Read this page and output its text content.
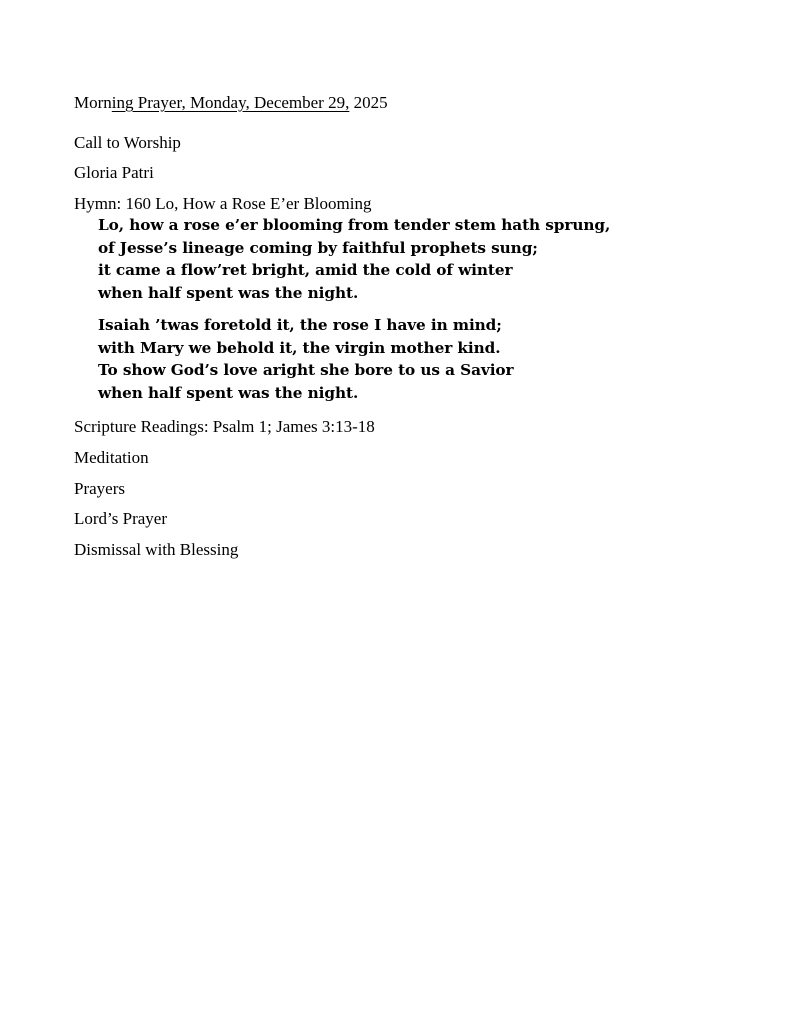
Morning Prayer, Monday, December 29, 2025
Call to Worship
Gloria Patri
Hymn: 160 Lo, How a Rose E’er Blooming
Lo, how a rose e’er blooming from tender stem hath sprung,
of Jesse’s lineage coming by faithful prophets sung;
it came a flow’ret bright, amid the cold of winter
when half spent was the night.
Isaiah ’twas foretold it, the rose I have in mind;
with Mary we behold it, the virgin mother kind.
To show God’s love aright she bore to us a Savior
when half spent was the night.
Scripture Readings: Psalm 1; James 3:13-18
Meditation
Prayers
Lord’s Prayer
Dismissal with Blessing
